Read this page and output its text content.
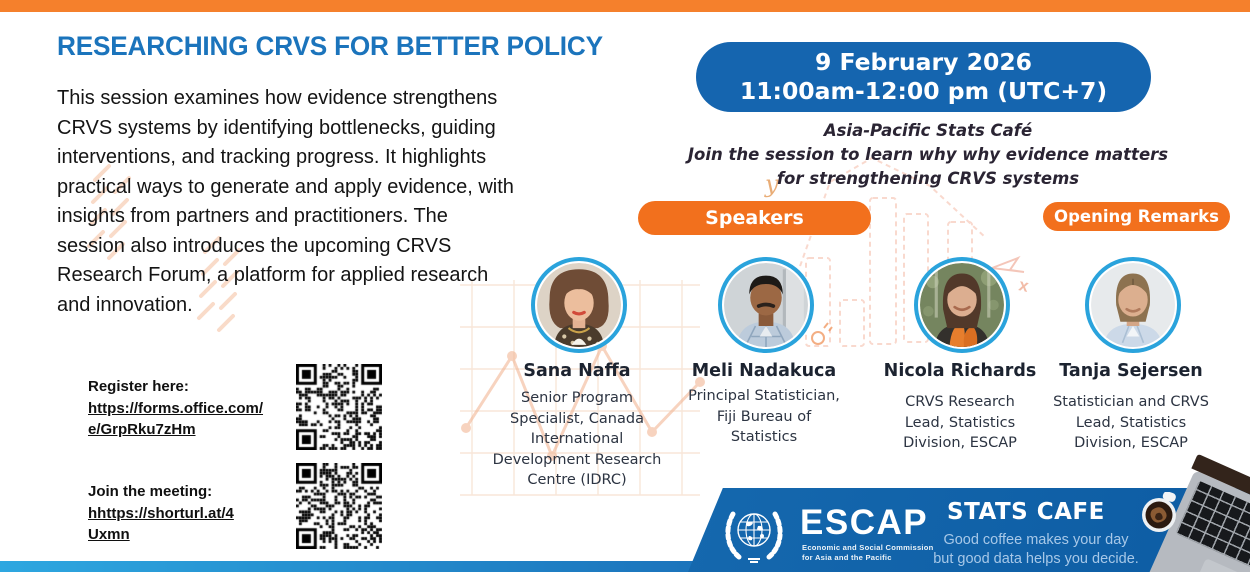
x
y
RESEARCHING CRVS FOR BETTER POLICY
This session examines how evidence strengthens CRVS systems by identifying bottlenecks, guiding interventions, and tracking progress. It highlights practical ways to generate and apply evidence, with insights from partners and practitioners. The session also introduces the upcoming CRVS Research Forum, a platform for applied research and innovation.
9 February 2026
11:00am-12:00 pm (UTC+7)
Asia-Pacific Stats Café
Join the session to learn why why evidence matters
for strengthening CRVS systems
Speakers	Opening Remarks
Sana Naffa	Meli Nadakuca	Nicola Richards	Tanja Sejersen
Senior Program Specialist, Canada International Development Research Centre (IDRC)
Principal Statistician, Fiji Bureau of Statistics
CRVS Research Lead, Statistics Division, ESCAP
Statistician and CRVS Lead, Statistics Division, ESCAP
Register here:
https://forms.office.com/
e/GrpRku7zHm
Join the meeting:
hhttps://shorturl.at/4
Uxmn	ESCAP
Economic and Social Commission
for Asia and the Pacific
STATS CAFE
Good coffee makes your day
but good data helps you decide.
